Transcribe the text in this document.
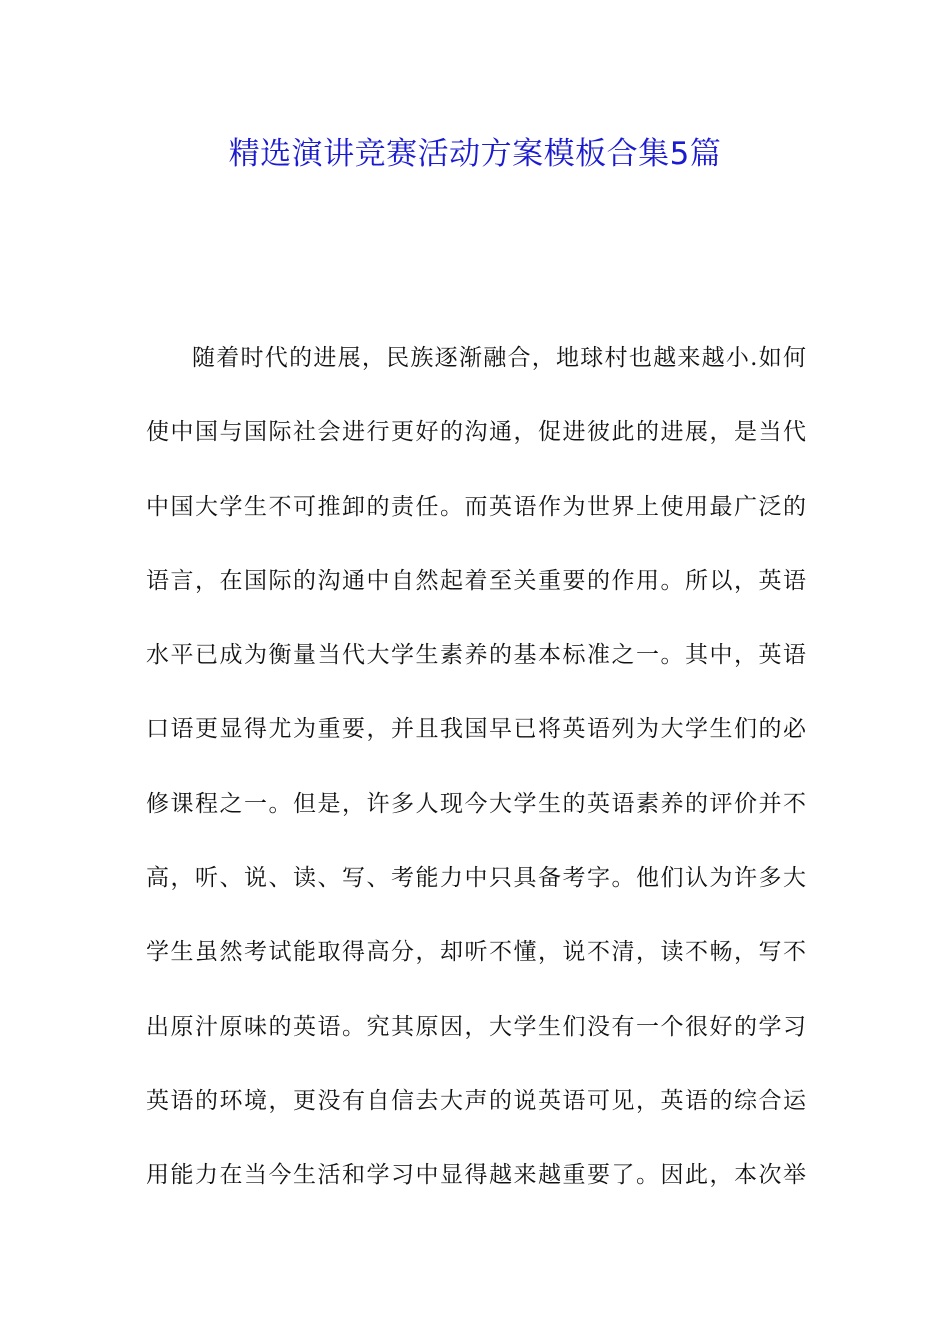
精选演讲竞赛活动方案模板合集5篇
随着时代的进展，民族逐渐融合，地球村也越来越小.如何
使中国与国际社会进行更好的沟通，促进彼此的进展，是当代
中国大学生不可推卸的责任。而英语作为世界上使用最广泛的
语言，在国际的沟通中自然起着至关重要的作用。所以，英语
水平已成为衡量当代大学生素养的基本标准之一。其中，英语
口语更显得尤为重要，并且我国早已将英语列为大学生们的必
修课程之一。但是，许多人现今大学生的英语素养的评价并不
高，听、说、读、写、考能力中只具备考字。他们认为许多大
学生虽然考试能取得高分，却听不懂，说不清，读不畅，写不
出原汁原味的英语。究其原因，大学生们没有一个很好的学习
英语的环境，更没有自信去大声的说英语可见，英语的综合运
用能力在当今生活和学习中显得越来越重要了。因此，本次举
